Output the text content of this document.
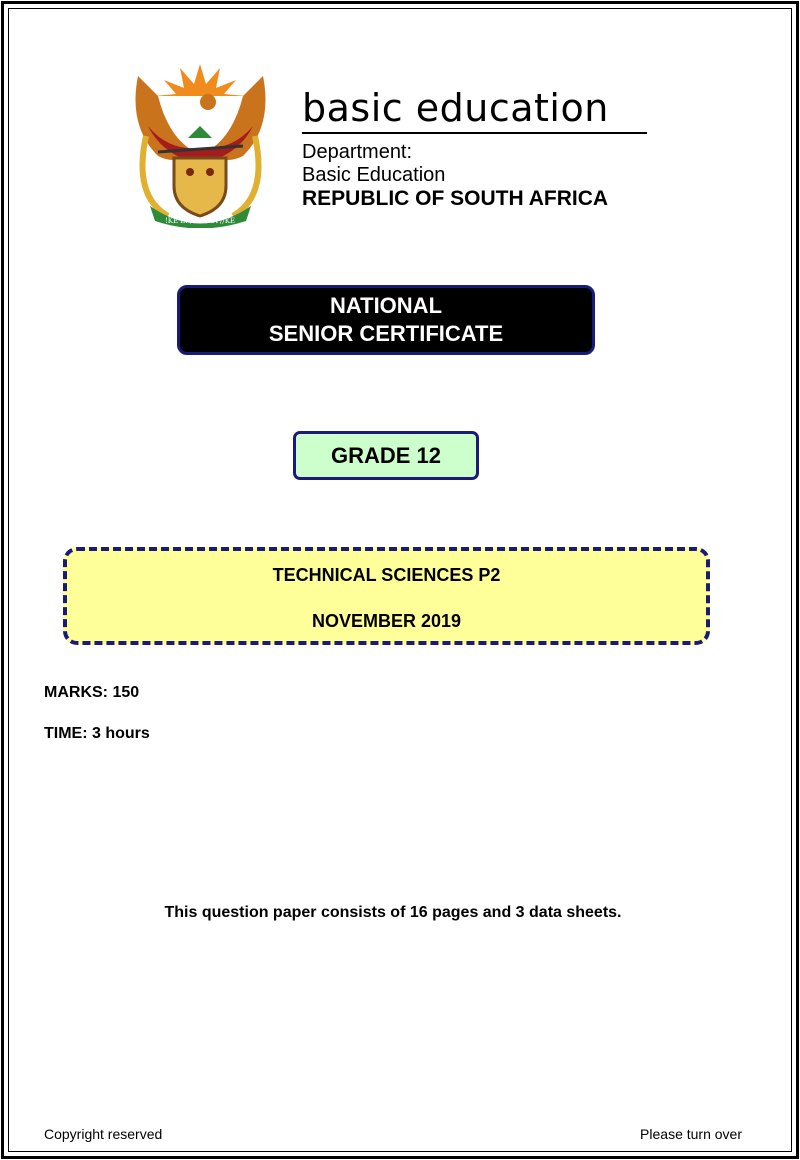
!KE E: /XARRA //KE
basic education
Department:
Basic Education
REPUBLIC OF SOUTH AFRICA
NATIONAL
SENIOR CERTIFICATE
GRADE 12
TECHNICAL SCIENCES P2
NOVEMBER 2019
MARKS: 150
TIME: 3 hours
This question paper consists of 16 pages and 3 data sheets.
Copyright reserved	Please turn over
